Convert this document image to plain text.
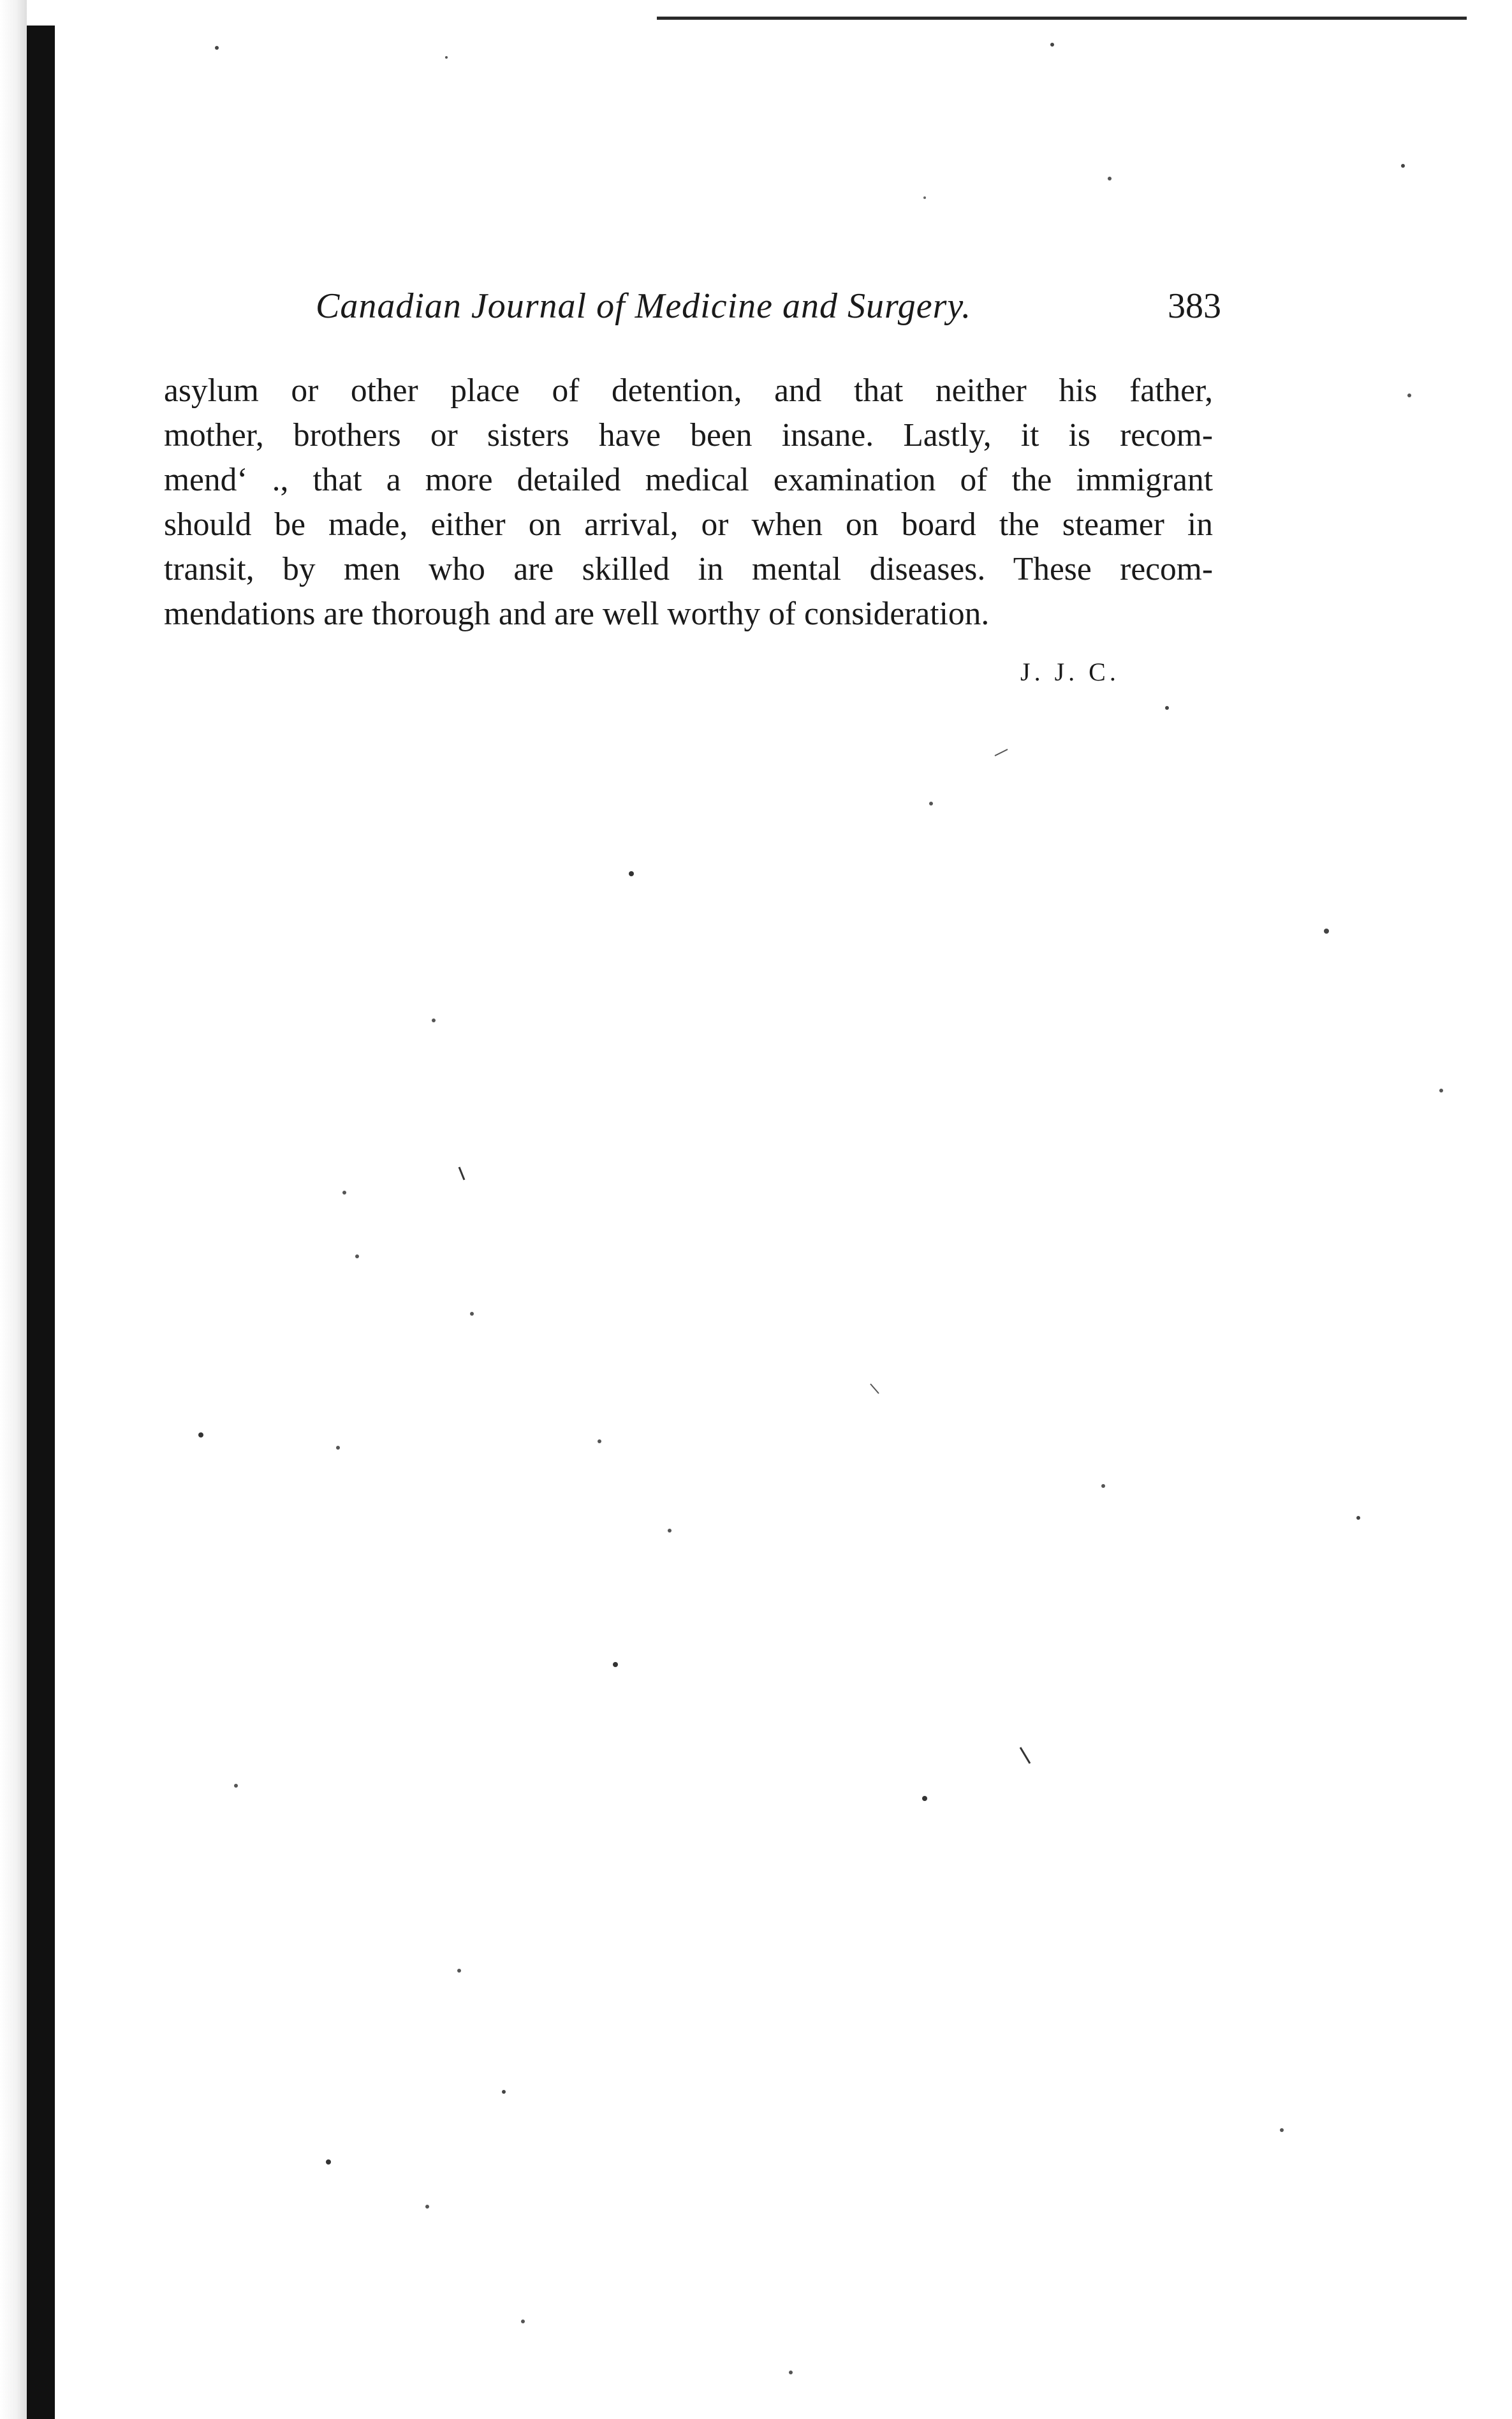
Canadian Journal of Medicine and Surgery.	383
asylum or other place of detention, and that neither his father,
mother, brothers or sisters have been insane. Lastly, it is recom-
mend‘ ., that a more detailed medical examination of the immigrant
should be made, either on arrival, or when on board the steamer in
transit, by men who are skilled in mental diseases. These recom-
mendations are thorough and are well worthy of consideration.
J. J. C.
